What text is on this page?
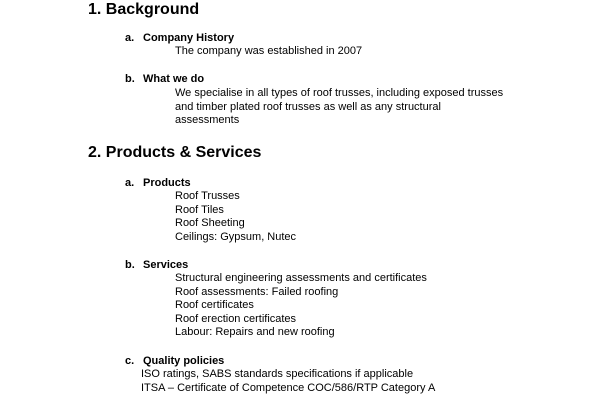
1. Background
a. Company History
The company was established in 2007
b. What we do
We specialise in all types of roof trusses, including exposed trusses
and timber plated roof trusses as well as any structural
assessments
2. Products & Services
a. Products
Roof Trusses
Roof Tiles
Roof Sheeting
Ceilings: Gypsum, Nutec
b. Services
Structural engineering assessments and certificates
Roof assessments: Failed roofing
Roof certificates
Roof erection certificates
Labour: Repairs and new roofing
c. Quality policies
ISO ratings, SABS standards specifications if applicable
ITSA – Certificate of Competence COC/586/RTP Category A
